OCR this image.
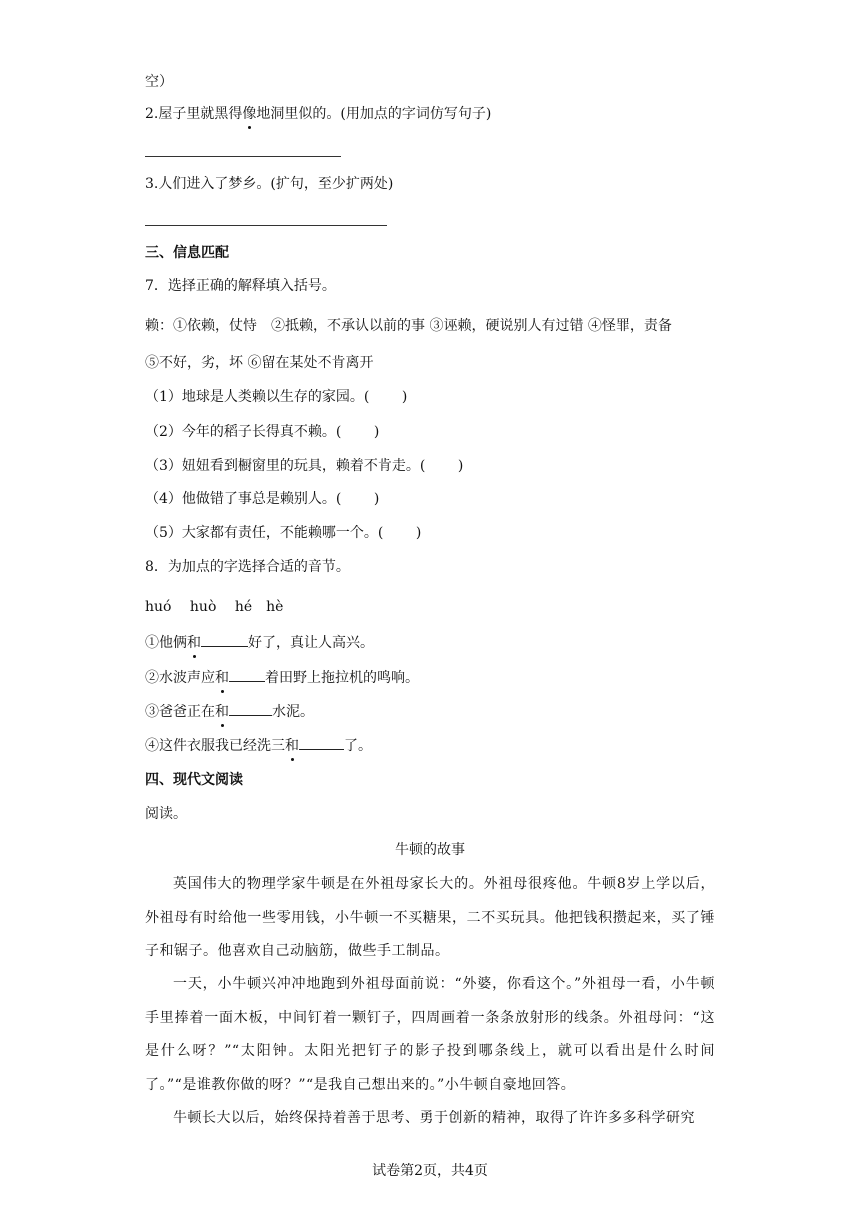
空）
2.屋子里就黑得像地洞里似的。(用加点的字词仿写句子)
3.人们进入了梦乡。(扩句，至少扩两处)
三、信息匹配
7．选择正确的解释填入括号。
赖：①依赖，仗恃　②抵赖，不承认以前的事 ③诬赖，硬说别人有过错 ④怪罪，责备
⑤不好，劣，坏 ⑥留在某处不肯离开
（1）地球是人类赖以生存的家园。(　　 )
（2）今年的稻子长得真不赖。(　　 )
（3）妞妞看到橱窗里的玩具，赖着不肯走。(　　 )
（4）他做错了事总是赖别人。(　　 )
（5）大家都有责任，不能赖哪一个。(　　 )
8．为加点的字选择合适的音节。
huó　 huò　 hé　hè
①他俩和	好了，真让人高兴。
②水波声应和	着田野上拖拉机的鸣响。
③爸爸正在和	水泥。
④这件衣服我已经洗三和	了。
四、现代文阅读
阅读。
牛顿的故事
英国伟大的物理学家牛顿是在外祖母家长大的。外祖母很疼他。牛顿8岁上学以后，外祖母有时给他一些零用钱，小牛顿一不买糖果，二不买玩具。他把钱积攒起来，买了锤子和锯子。他喜欢自己动脑筋，做些手工制品。
一天，小牛顿兴冲冲地跑到外祖母面前说：“外婆，你看这个。”外祖母一看，小牛顿手里捧着一面木板，中间钉着一颗钉子，四周画着一条条放射形的线条。外祖母问：“这是什么呀？”“太阳钟。太阳光把钉子的影子投到哪条线上，就可以看出是什么时间了。”“是谁教你做的呀？”“是我自己想出来的。”小牛顿自豪地回答。
牛顿长大以后，始终保持着善于思考、勇于创新的精神，取得了许许多多科学研究
试卷第2页，共4页
